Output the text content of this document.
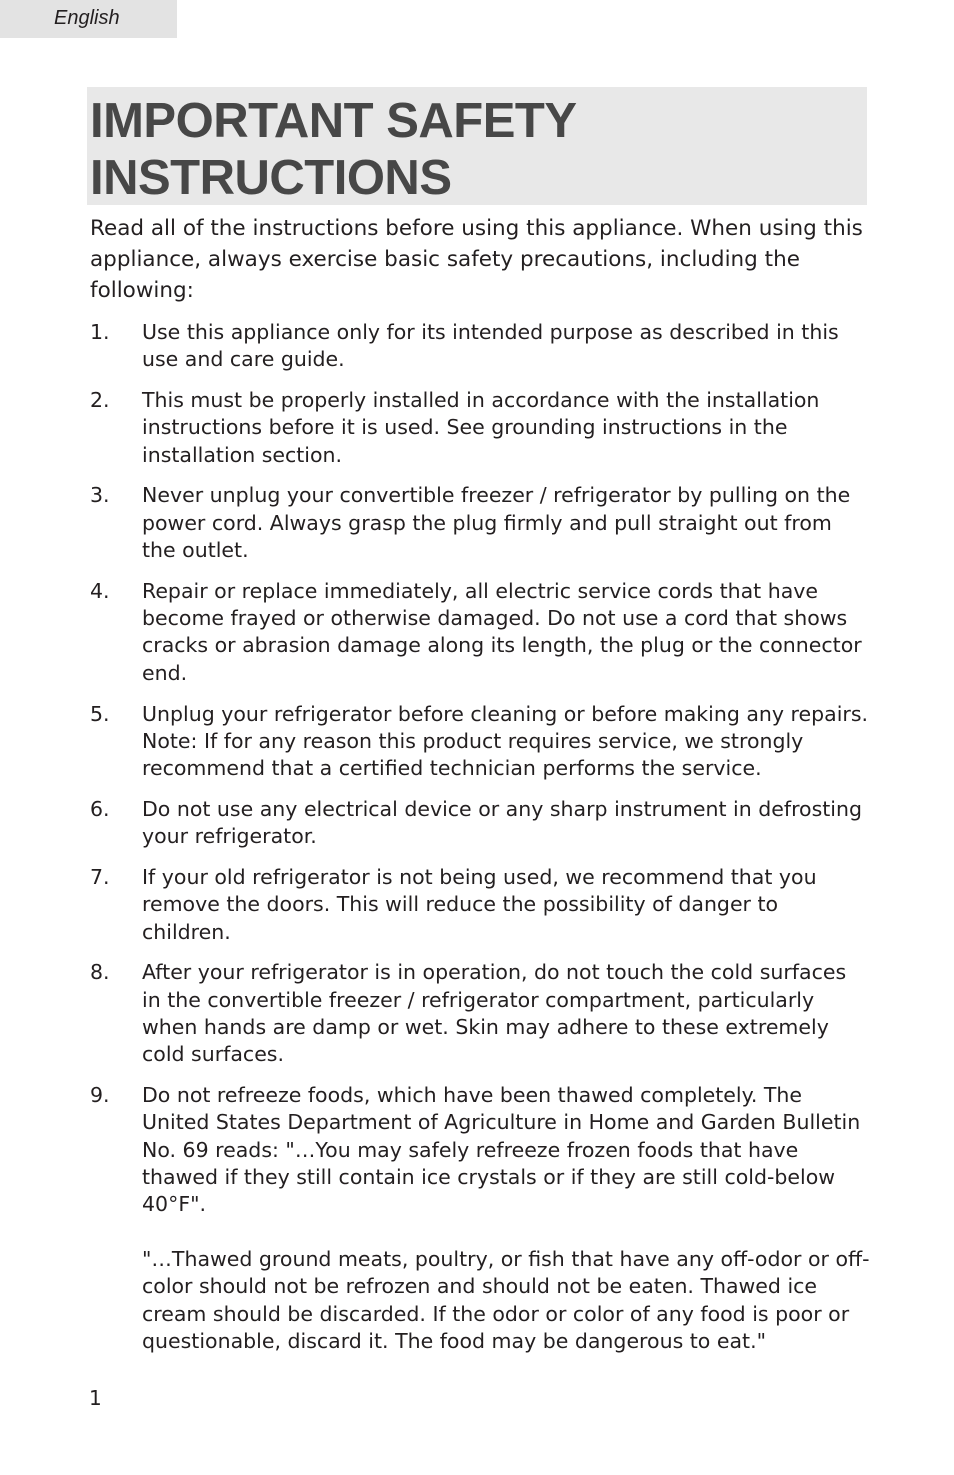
English
IMPORTANT SAFETY
INSTRUCTIONS

Read all of the instructions before using this appliance. When using this appliance, always exercise basic safety precautions, including the following:

1.	Use this appliance only for its intended purpose as described in this use and care guide.

2.	This must be properly installed in accordance with the installation instructions before it is used. See grounding instructions in the installation section.

3.	Never unplug your convertible freezer / refrigerator by pulling on the power cord. Always grasp the plug firmly and pull straight out from the outlet.

4.	Repair or replace immediately, all electric service cords that have become frayed or otherwise damaged. Do not use a cord that shows cracks or abrasion damage along its length, the plug or the connector end.

5.	Unplug your refrigerator before cleaning or before making any repairs. Note: If for any reason this product requires service, we strongly recommend that a certified technician performs the service.

6.	Do not use any electrical device or any sharp instrument in defrosting your refrigerator.

7.	If your old refrigerator is not being used, we recommend that you remove the doors. This will reduce the possibility of danger to children.

8.	After your refrigerator is in operation, do not touch the cold surfaces in the convertible freezer / refrigerator compartment, particularly when hands are damp or wet. Skin may adhere to these extremely cold surfaces.

9.	Do not refreeze foods, which have been thawed completely. The United States Department of Agriculture in Home and Garden Bulletin No. 69 reads: "…You may safely refreeze frozen foods that have thawed if they still contain ice crystals or if they are still cold-below 40°F".

"…Thawed ground meats, poultry, or fish that have any off-odor or off-color should not be refrozen and should not be eaten. Thawed ice cream should be discarded. If the odor or color of any food is poor or questionable, discard it. The food may be dangerous to eat."

1
